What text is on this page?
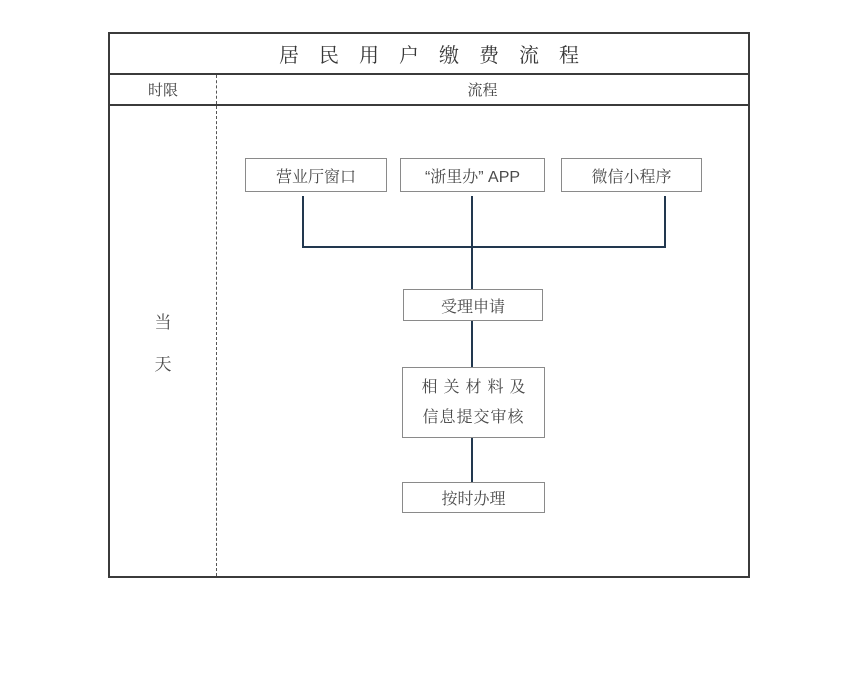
居民用户缴费流程
时限	流程
当
天
营业厅窗口	“浙里办” APP	微信小程序
受理申请
相关材料及
信息提交审核
按时办理
